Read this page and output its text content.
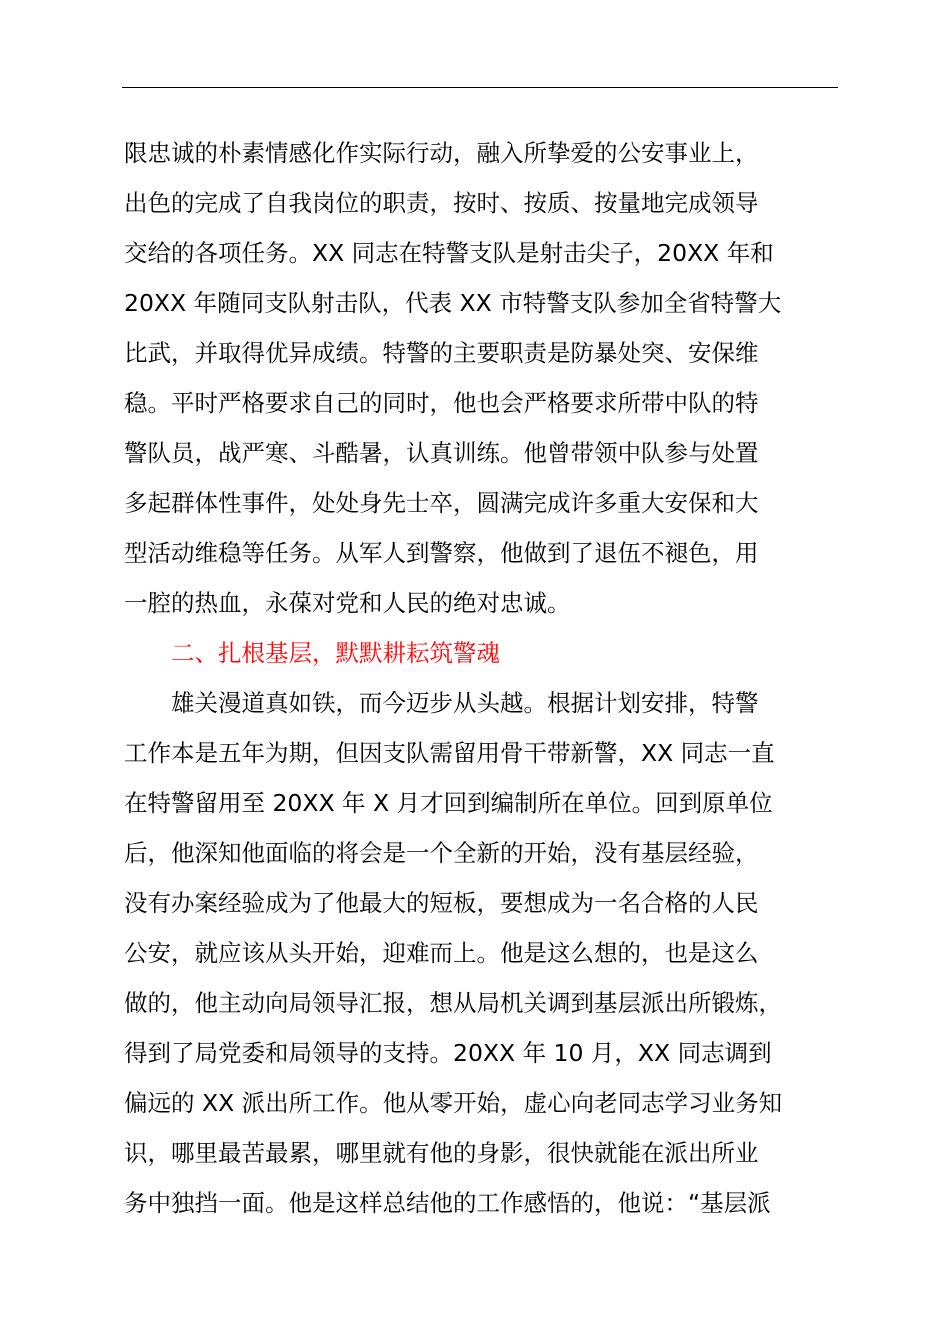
限忠诚的朴素情感化作实际行动，融入所挚爱的公安事业上，
出色的完成了自我岗位的职责，按时、按质、按量地完成领导
交给的各项任务。XX 同志在特警支队是射击尖子，20XX 年和
20XX 年随同支队射击队，代表 XX 市特警支队参加全省特警大
比武，并取得优异成绩。特警的主要职责是防暴处突、安保维
稳。平时严格要求自己的同时，他也会严格要求所带中队的特
警队员，战严寒、斗酷暑，认真训练。他曾带领中队参与处置
多起群体性事件，处处身先士卒，圆满完成许多重大安保和大
型活动维稳等任务。从军人到警察，他做到了退伍不褪色，用
一腔的热血，永葆对党和人民的绝对忠诚。
二、扎根基层，默默耕耘筑警魂
雄关漫道真如铁，而今迈步从头越。根据计划安排，特警
工作本是五年为期，但因支队需留用骨干带新警，XX 同志一直
在特警留用至 20XX 年 X 月才回到编制所在单位。回到原单位
后，他深知他面临的将会是一个全新的开始，没有基层经验，
没有办案经验成为了他最大的短板，要想成为一名合格的人民
公安，就应该从头开始，迎难而上。他是这么想的，也是这么
做的，他主动向局领导汇报，想从局机关调到基层派出所锻炼，
得到了局党委和局领导的支持。20XX 年 10 月，XX 同志调到
偏远的 XX 派出所工作。他从零开始，虚心向老同志学习业务知
识，哪里最苦最累，哪里就有他的身影，很快就能在派出所业
务中独挡一面。他是这样总结他的工作感悟的，他说：“基层派
